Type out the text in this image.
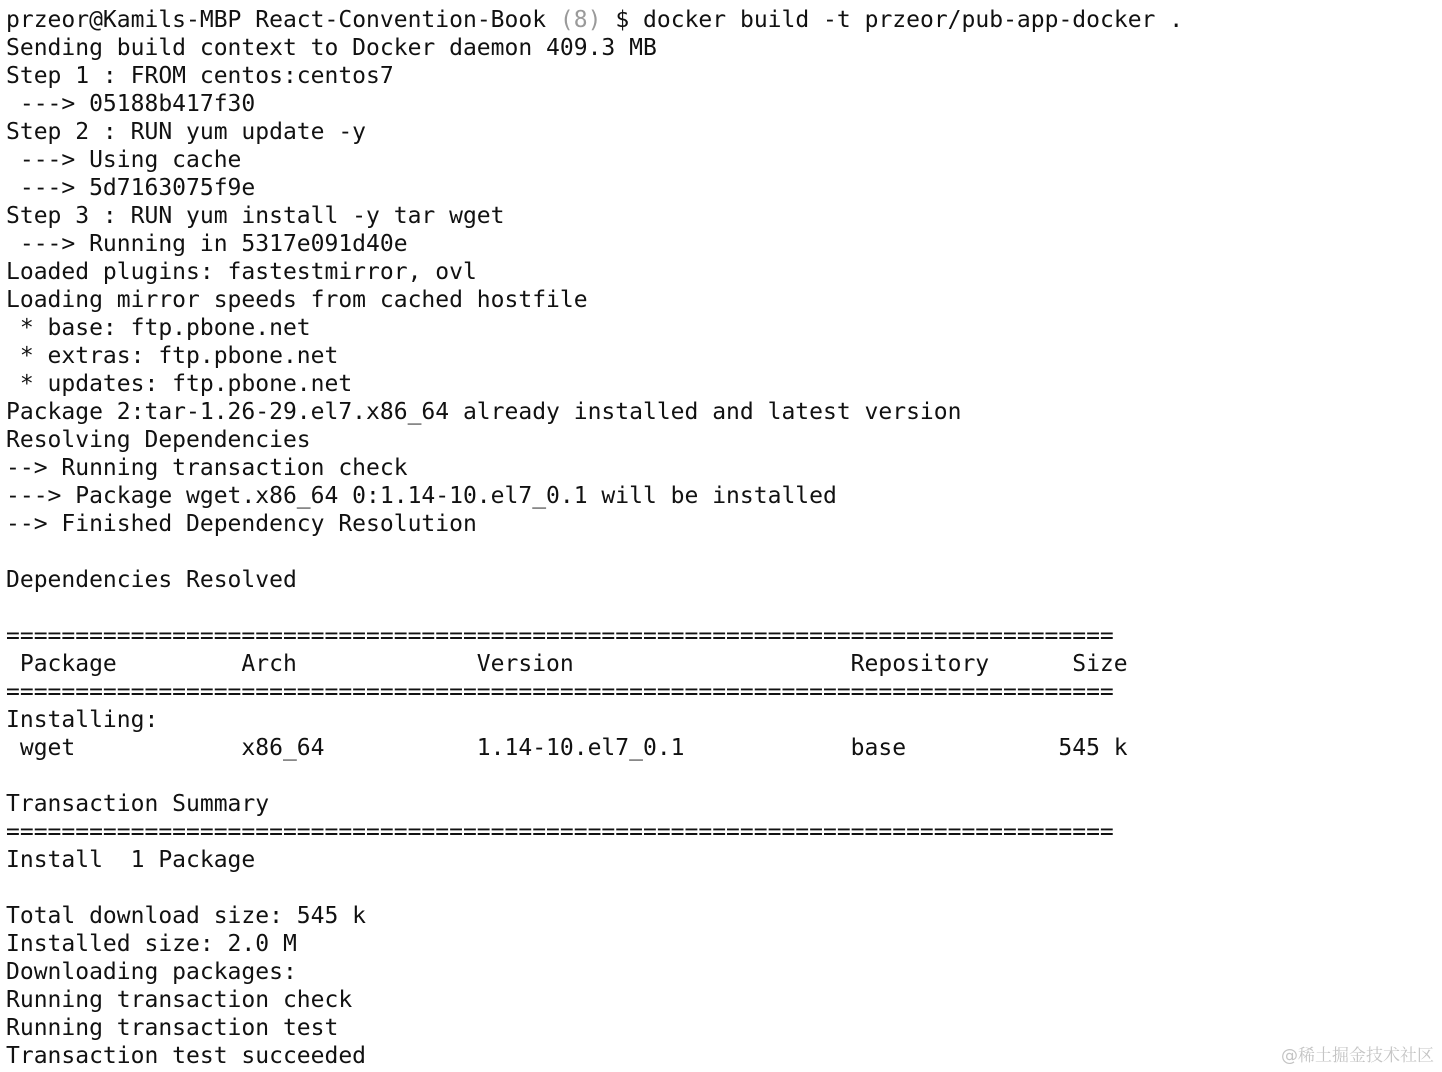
przeor@Kamils-MBP React-Convention-Book (8) $ docker build -t przeor/pub-app-docker .
Sending build context to Docker daemon 409.3 MB
Step 1 : FROM centos:centos7
---> 05188b417f30
Step 2 : RUN yum update -y
---> Using cache
---> 5d7163075f9e
Step 3 : RUN yum install -y tar wget
---> Running in 5317e091d40e
Loaded plugins: fastestmirror, ovl
Loading mirror speeds from cached hostfile
* base: ftp.pbone.net
* extras: ftp.pbone.net
* updates: ftp.pbone.net
Package 2:tar-1.26-29.el7.x86_64 already installed and latest version
Resolving Dependencies
--> Running transaction check
---> Package wget.x86_64 0:1.14-10.el7_0.1 will be installed
--> Finished Dependency Resolution
Dependencies Resolved
================================================================================
Package         Arch             Version                    Repository      Size
================================================================================
Installing:
wget            x86_64           1.14-10.el7_0.1            base           545 k
Transaction Summary
================================================================================
Install  1 Package
Total download size: 545 k
Installed size: 2.0 M
Downloading packages:
Running transaction check
Running transaction test
Transaction test succeeded	@稀土掘金技术社区
